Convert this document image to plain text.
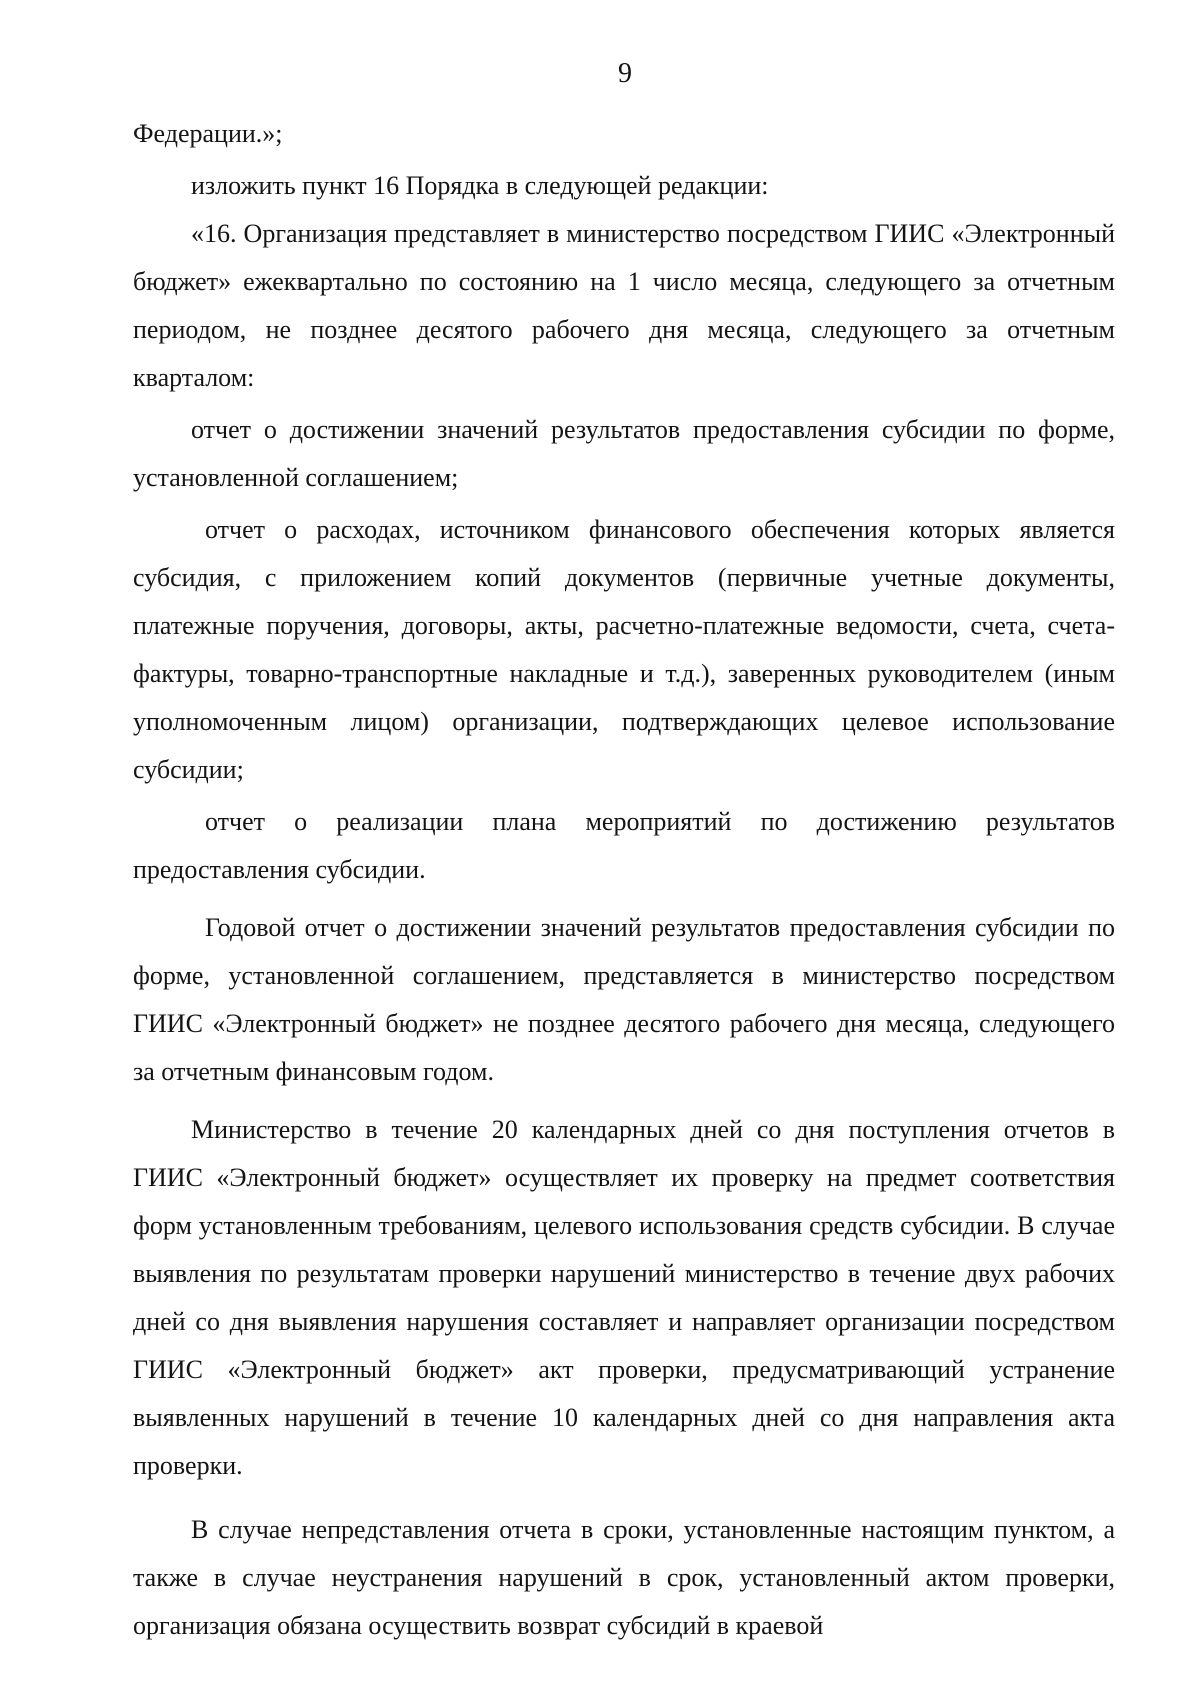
9

Федерации.»;

изложить пункт 16 Порядка в следующей редакции:

«16. Организация представляет в министерство посредством ГИИС «Электронный бюджет» ежеквартально по состоянию на 1 число месяца, следующего за отчетным периодом, не позднее десятого рабочего дня месяца, следующего за отчетным кварталом:

отчет о достижении значений результатов предоставления субсидии по форме, установленной соглашением;

отчет о расходах, источником финансового обеспечения которых является субсидия, с приложением копий документов (первичные учетные документы, платежные поручения, договоры, акты, расчетно-платежные ведомости, счета, счета-фактуры, товарно-транспортные накладные и т.д.), заверенных руководителем (иным уполномоченным лицом) организации, подтверждающих целевое использование субсидии;

отчет о реализации плана мероприятий по достижению результатов предоставления субсидии.

Годовой отчет о достижении значений результатов предоставления субсидии по форме, установленной соглашением, представляется в министерство посредством ГИИС «Электронный бюджет» не позднее десятого рабочего дня месяца, следующего за отчетным финансовым годом.

Министерство в течение 20 календарных дней со дня поступления отчетов в ГИИС «Электронный бюджет» осуществляет их проверку на предмет соответствия форм установленным требованиям, целевого использования средств субсидии. В случае выявления по результатам проверки нарушений министерство в течение двух рабочих дней со дня выявления нарушения составляет и направляет организации посредством ГИИС «Электронный бюджет» акт проверки, предусматривающий устранение выявленных нарушений в течение 10 календарных дней со дня направления акта проверки.

В случае непредставления отчета в сроки, установленные настоящим пунктом, а также в случае неустранения нарушений в срок, установленный актом проверки, организация обязана осуществить возврат субсидий в краевой
